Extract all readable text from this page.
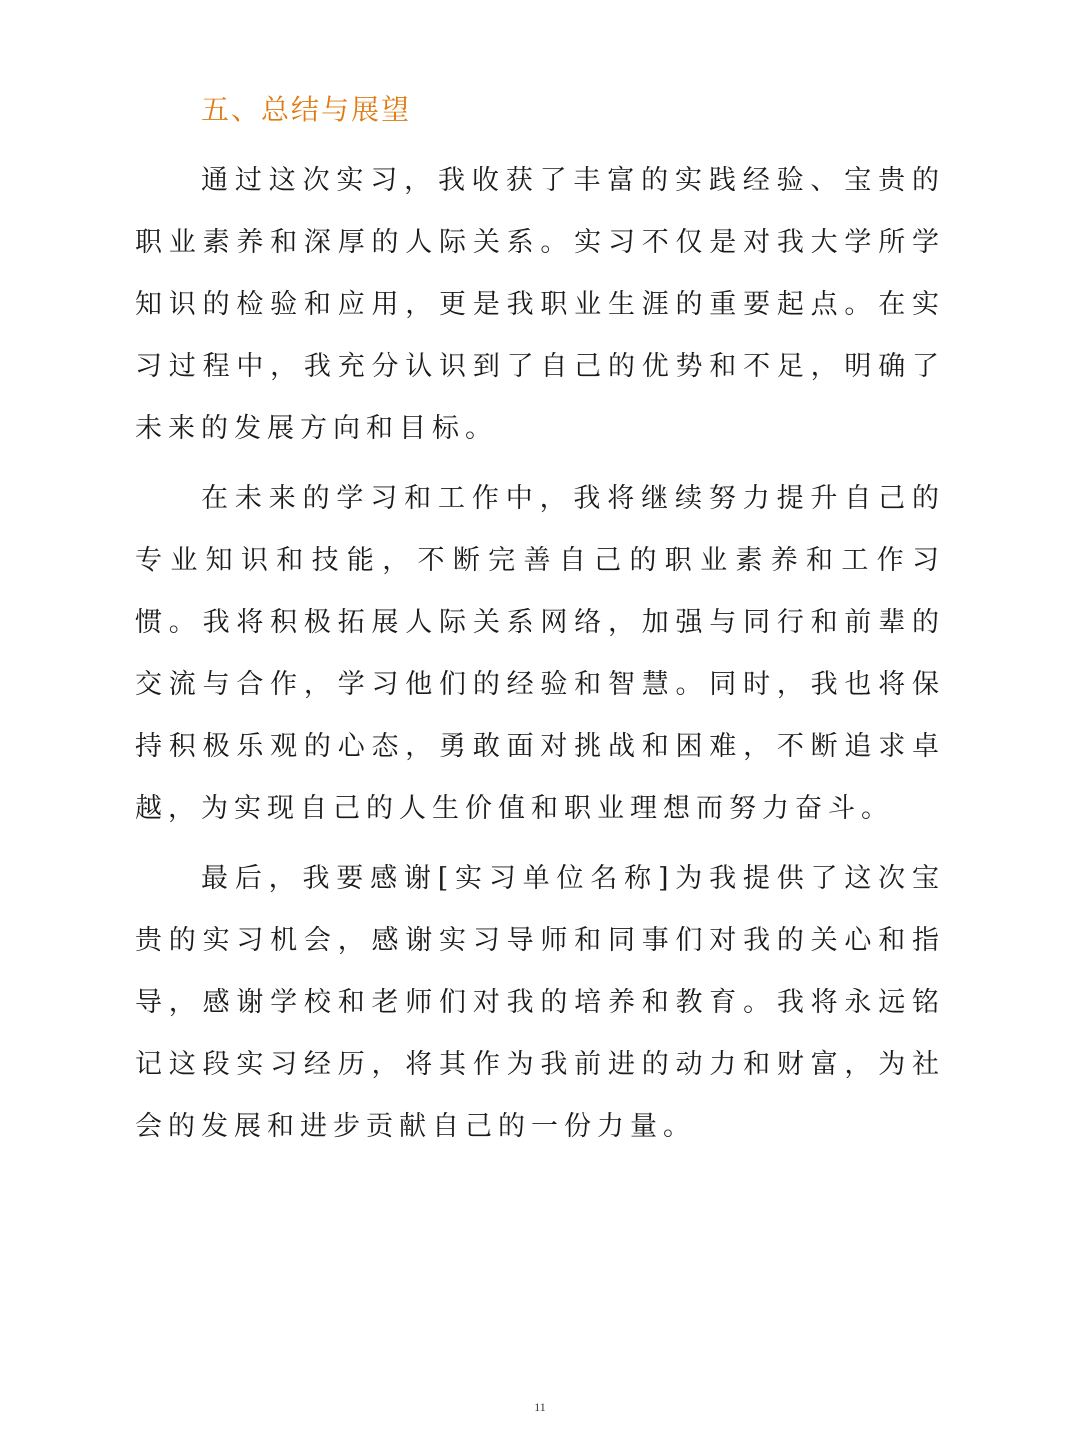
五、总结与展望

通过这次实习，我收获了丰富的实践经验、宝贵的职业素养和深厚的人际关系。实习不仅是对我大学所学知识的检验和应用，更是我职业生涯的重要起点。在实习过程中，我充分认识到了自己的优势和不足，明确了未来的发展方向和目标。

在未来的学习和工作中，我将继续努力提升自己的专业知识和技能，不断完善自己的职业素养和工作习惯。我将积极拓展人际关系网络，加强与同行和前辈的交流与合作，学习他们的经验和智慧。同时，我也将保持积极乐观的心态，勇敢面对挑战和困难，不断追求卓越，为实现自己的人生价值和职业理想而努力奋斗。

最后，我要感谢[实习单位名称]为我提供了这次宝贵的实习机会，感谢实习导师和同事们对我的关心和指导，感谢学校和老师们对我的培养和教育。我将永远铭记这段实习经历，将其作为我前进的动力和财富，为社会的发展和进步贡献自己的一份力量。

11
